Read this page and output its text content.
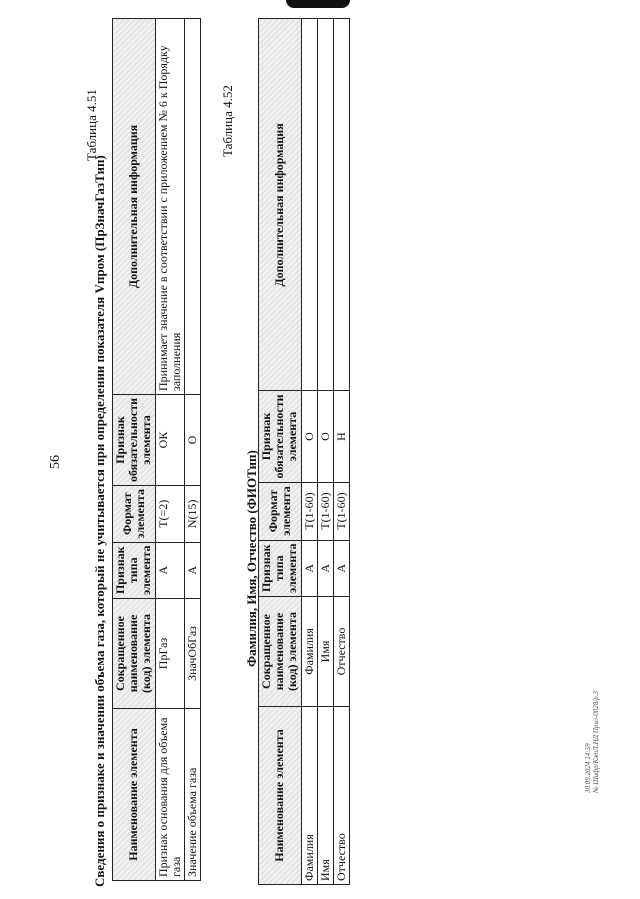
56
Таблица 4.51
Сведения о признаке и значении объема газа, который не учитывается при определении показателя Vпром (ПрЗначГазТип) Наименование элемента	Сокращенное наименование (код) элемента	Признак типа элемента	Формат элемента	Признак обязательности элемента	Дополнительная информация
Признак основания для объема газа	ПрГаз	А	T(=2)	ОК	Принимает значение в соответствии с приложением № 6 к Порядку заполнения
Значение объема газа	ЗначОбГаз	А	N(15)	О	
Таблица 4.52
Фамилия, Имя, Отчество (ФИОТип)
Наименование элемента	Сокращенное наименование (код) элемента	Признак типа элемента	Формат элемента	Признак обязательности элемента	Дополнительная информация
Фамилия	Фамилия	А	T(1-60)	О	
Имя	Имя	А	T(1-60)	О	
Отчество	Отчество	А	T(1-60)	Н	
30.09.2024 14:59 № Шифр/КэтЛ.НД Прил-0028/р.3
